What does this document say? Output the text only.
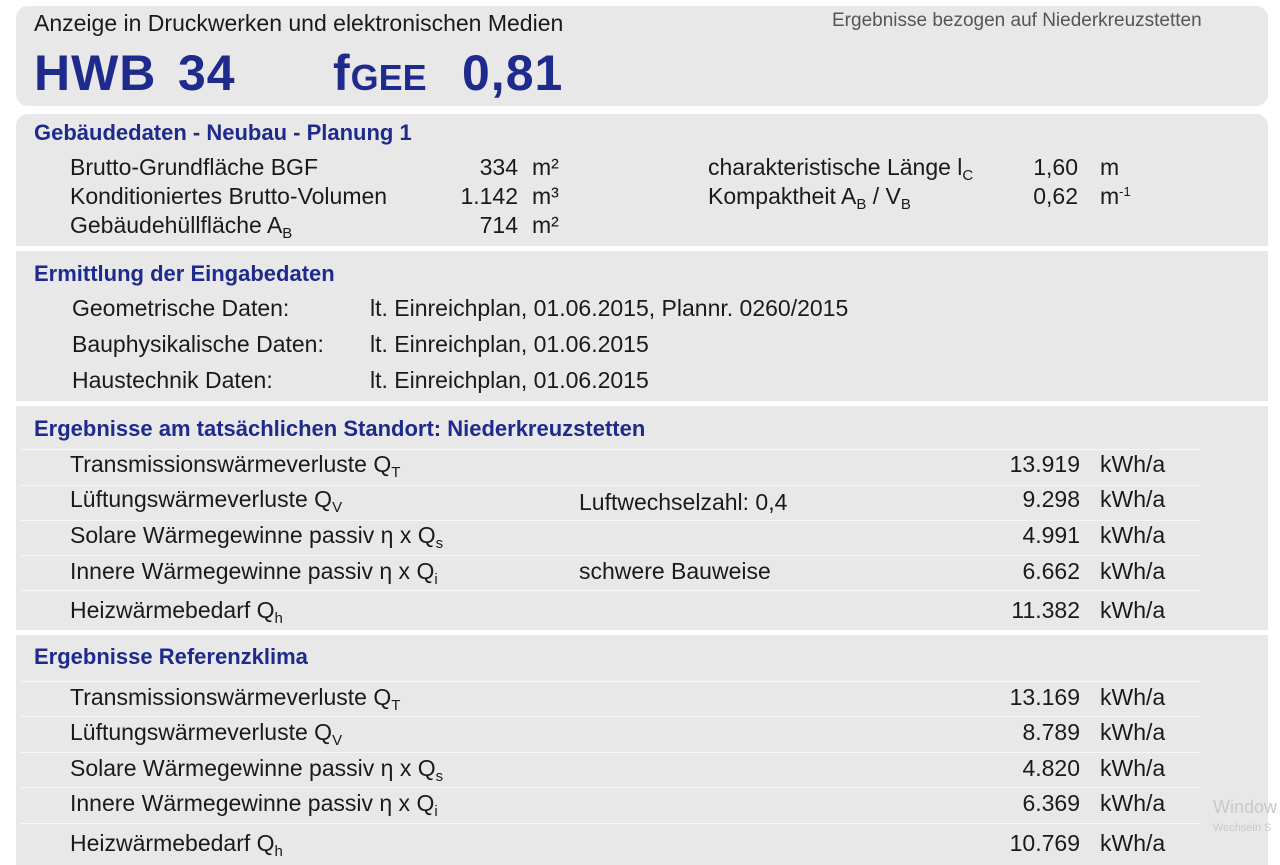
Anzeige in Druckwerken und elektronischen Medien	Ergebnisse bezogen auf Niederkreuzstetten
HWB 34 fGEE 0,81
Gebäudedaten - Neubau - Planung 1
Brutto-Grundfläche BGF	334 m²
Konditioniertes Brutto-Volumen	1.142 m³
Gebäudehüllfläche $A_B$	714 m²
charakteristische Länge $l_C$	1,60 m
Kompaktheit $A_B / V_B$	0,62 $m^{-1}$
Ermittlung der Eingabedaten
Geometrische Daten:	lt. Einreichplan, 01.06.2015, Plannr. 0260/2015
Bauphysikalische Daten: lt. Einreichplan, 01.06.2015
Haustechnik Daten:	lt. Einreichplan, 01.06.2015
Ergebnisse am tatsächlichen Standort: Niederkreuzstetten
Transmissionswärmeverluste $Q_T$	13.919 kWh/a
Lüftungswärmeverluste $Q_V$	Luftwechselzahl: 0,4	9.298 kWh/a
Solare Wärmegewinne passiv η x $Q_s$	4.991 kWh/a
Innere Wärmegewinne passiv η x $Q_i$	schwere Bauweise	6.662 kWh/a
Heizwärmebedarf $Q_h$	11.382 kWh/a
Ergebnisse Referenzklima
Transmissionswärmeverluste $Q_T$	13.169 kWh/a
Lüftungswärmeverluste $Q_V$	8.789 kWh/a
Solare Wärmegewinne passiv η x $Q_s$	4.820 kWh/a
Innere Wärmegewinne passiv η x $Q_i$	6.369 kWh/a
Heizwärmebedarf $Q_h$	10.769 kWh/a
Window
Wechseln S
